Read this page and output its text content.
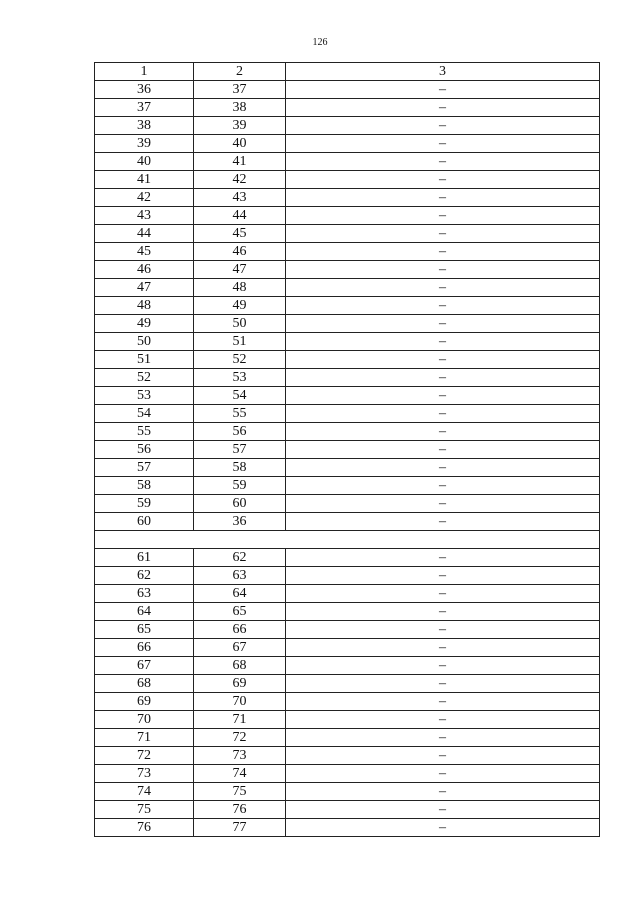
126
1	2	3
36	37	–
37	38	–
38	39	–
39	40	–
40	41	–
41	42	–
42	43	–
43	44	–
44	45	–
45	46	–
46	47	–
47	48	–
48	49	–
49	50	–
50	51	–
51	52	–
52	53	–
53	54	–
54	55	–
55	56	–
56	57	–
57	58	–
58	59	–
59	60	–
60	36	–

61	62	–
62	63	–
63	64	–
64	65	–
65	66	–
66	67	–
67	68	–
68	69	–
69	70	–
70	71	–
71	72	–
72	73	–
73	74	–
74	75	–
75	76	–
76	77	–
